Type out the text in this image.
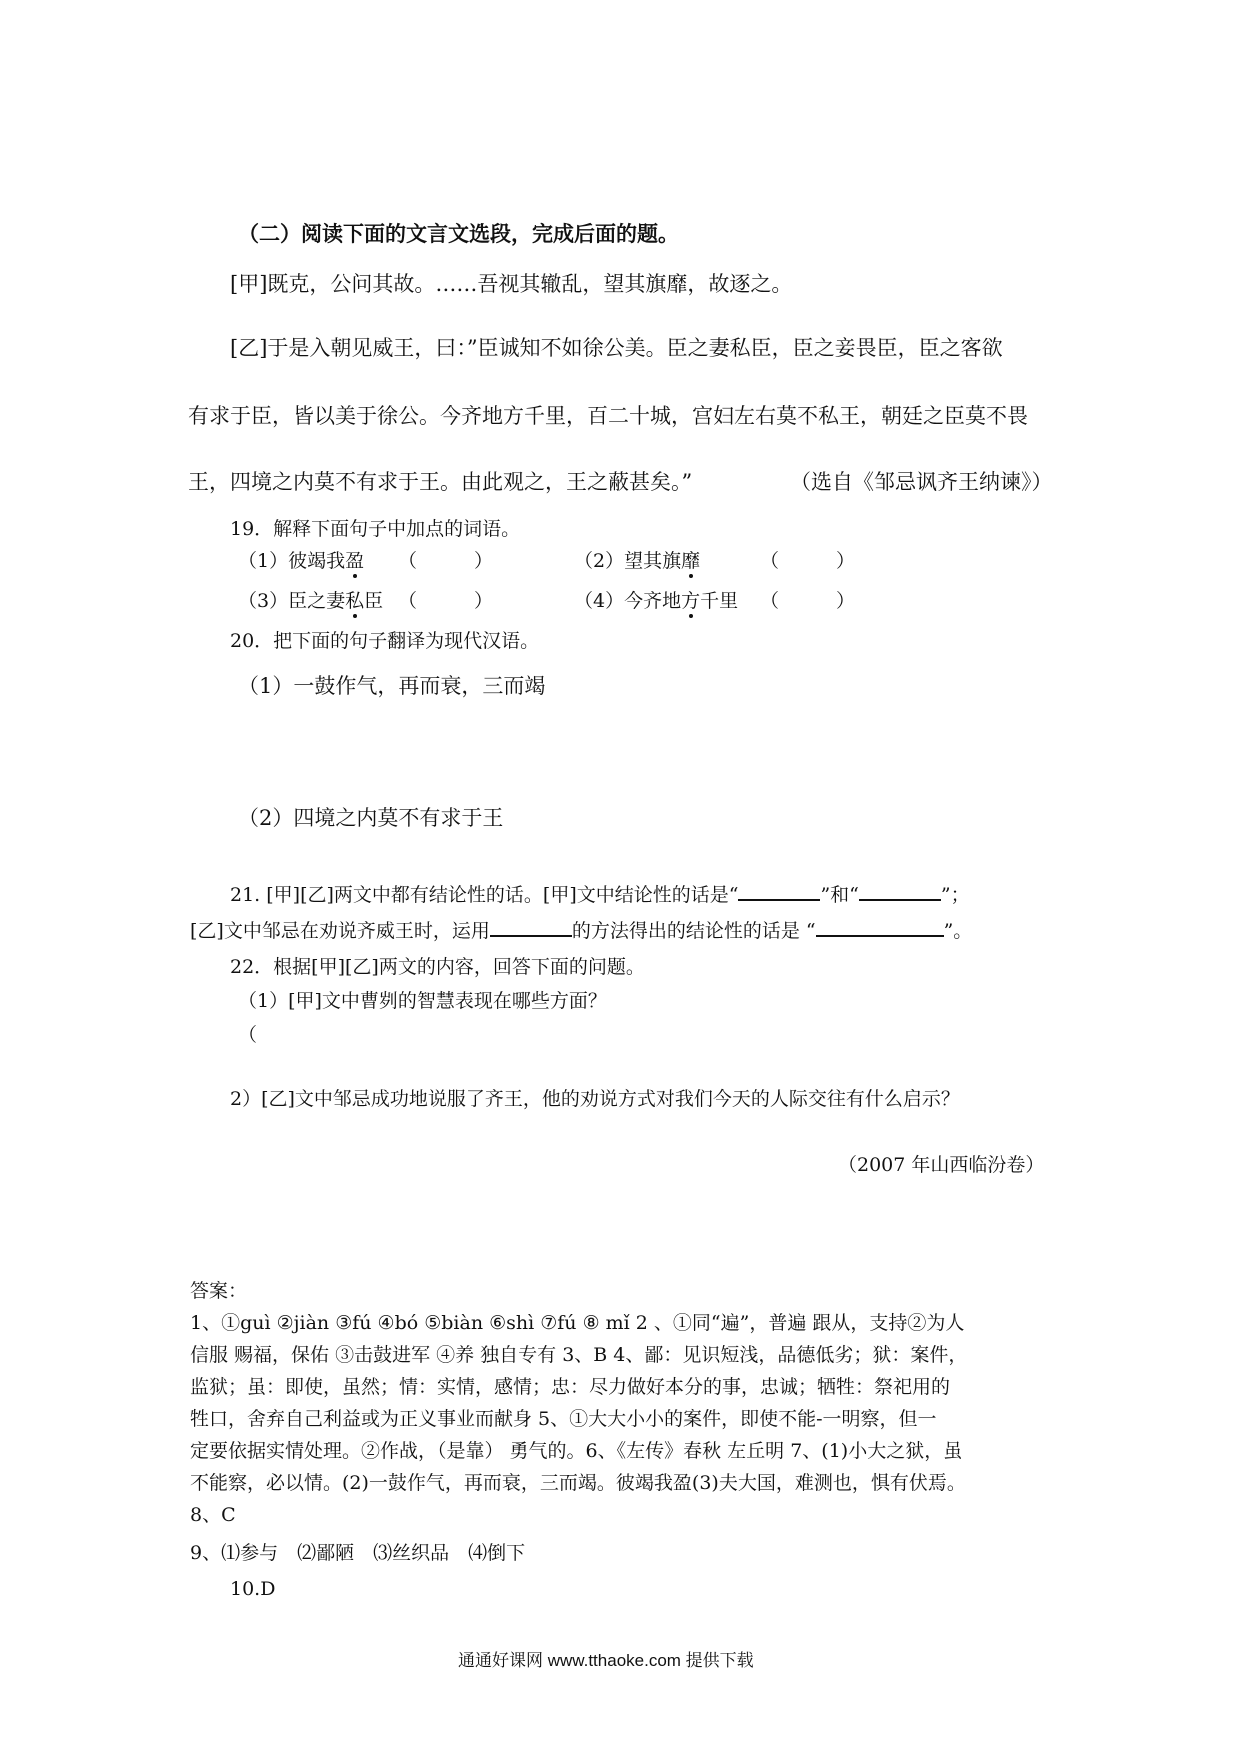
（二）阅读下面的文言文选段，完成后面的题。

[甲]既克，公问其故。……吾视其辙乱，望其旗靡，故逐之。

[乙]于是入朝见威王，曰：”臣诚知不如徐公美。臣之妻私臣，臣之妾畏臣，臣之客欲

有求于臣，皆以美于徐公。今齐地方千里，百二十城，宫妇左右莫不私王，朝廷之臣莫不畏

王，四境之内莫不有求于王。由此观之，王之蔽甚矣。”	（选自《邹忌讽齐王纳谏》）

19．解释下面句子中加点的词语。

（1）彼竭我盈 （　　　）	（2）望其旗靡	（　　　）
（3）臣之妻私臣 （　　　）	（4）今齐地方千里 （　　　）

20．把下面的句子翻译为现代汉语。

（1）一鼓作气，再而衰，三而竭

（2）四境之内莫不有求于王

21. [甲][乙]两文中都有结论性的话。[甲]文中结论性的话是“	”和“	”；
[乙]文中邹忌在劝说齐威王时，运用	的方法得出的结论性的话是 “	”。

22．根据[甲][乙]两文的内容，回答下面的问题。

（1）[甲]文中曹刿的智慧表现在哪些方面？

（

2）[乙]文中邹忌成功地说服了齐王，他的劝说方式对我们今天的人际交往有什么启示？

（2007 年山西临汾卷）

答案：

1、①guì ②jiàn ③fú ④bó ⑤biàn ⑥shì ⑦fú ⑧ mǐ 2 、①同“遍”，普遍 跟从，支持②为人

信服 赐福，保佑 ③击鼓进军 ④养 独自专有 3、B 4、鄙：见识短浅，品德低劣；狱：案件，

监狱；虽：即使，虽然；情：实情，感情；忠：尽力做好本分的事，忠诚；牺牲：祭祀用的

牲口，舍弃自己利益或为正义事业而献身 5、①大大小小的案件，即使不能-一明察，但一

定要依据实情处理。②作战，（是靠） 勇气的。6、《左传》春秋 左丘明 7、(1)小大之狱，虽

不能察，必以情。(2)一鼓作气，再而衰，三而竭。彼竭我盈(3)夫大国，难测也，惧有伏焉。

8、C

9、⑴参与　⑵鄙陋　⑶丝织品　⑷倒下

10.D

通通好课网 www.tthaoke.com 提供下载
